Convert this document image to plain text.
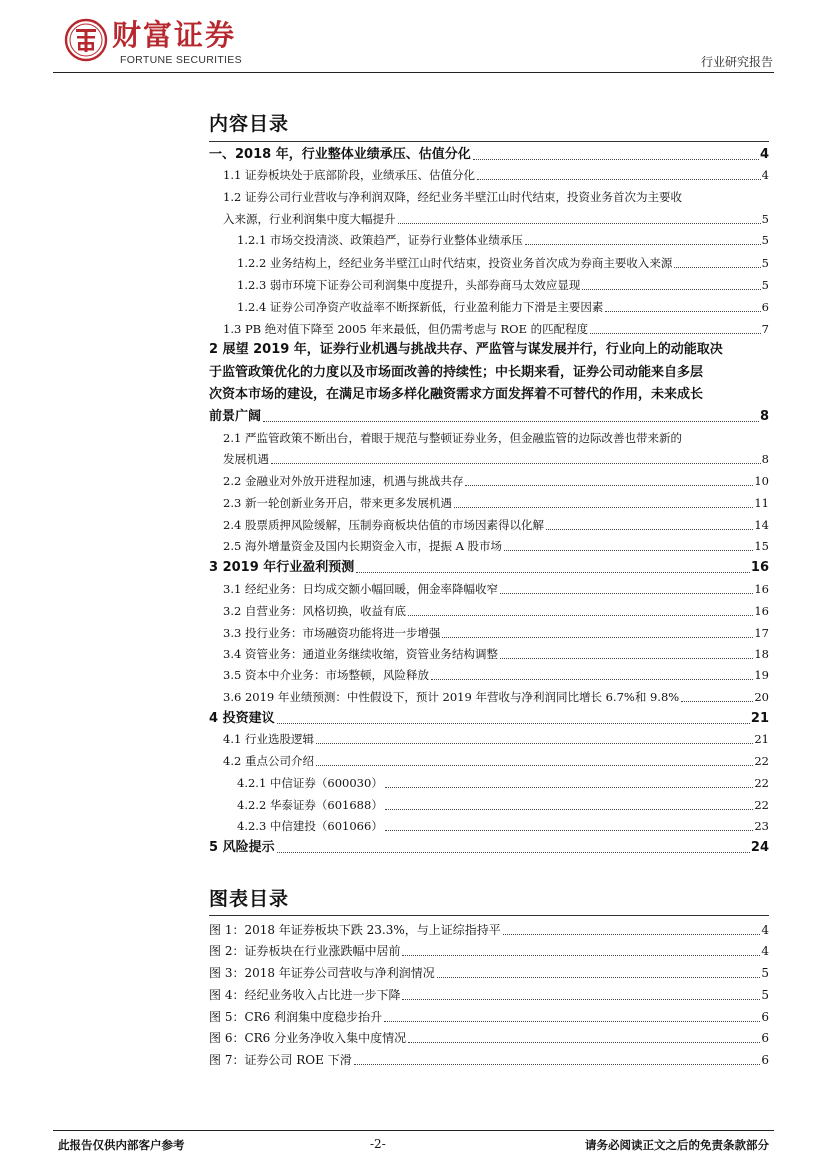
财富证券
FORTUNE SECURITIES	行业研究报告
内容目录
一、2018 年，行业整体业绩承压、估值分化	4
1.1 证券板块处于底部阶段，业绩承压、估值分化	4
1.2 证券公司行业营收与净利润双降，经纪业务半壁江山时代结束，投资业务首次为主要收
入来源，行业利润集中度大幅提升	5
1.2.1 市场交投清淡、政策趋严，证券行业整体业绩承压	5
1.2.2 业务结构上，经纪业务半壁江山时代结束，投资业务首次成为券商主要收入来源	5
1.2.3 弱市环境下证券公司利润集中度提升，头部券商马太效应显现	5
1.2.4 证券公司净资产收益率不断探新低，行业盈利能力下滑是主要因素	6
1.3 PB 绝对值下降至 2005 年来最低，但仍需考虑与 ROE 的匹配程度	7
2 展望 2019 年，证券行业机遇与挑战共存、严监管与谋发展并行，行业向上的动能取决
于监管政策优化的力度以及市场面改善的持续性；中长期来看，证券公司动能来自多层
次资本市场的建设，在满足市场多样化融资需求方面发挥着不可替代的作用，未来成长
前景广阔	8
2.1 严监管政策不断出台，着眼于规范与整顿证券业务，但金融监管的边际改善也带来新的
发展机遇	8
2.2 金融业对外放开进程加速，机遇与挑战共存	10
2.3 新一轮创新业务开启，带来更多发展机遇	11
2.4 股票质押风险缓解，压制券商板块估值的市场因素得以化解	14
2.5 海外增量资金及国内长期资金入市，提振 A 股市场	15
3 2019 年行业盈利预测	16
3.1 经纪业务：日均成交额小幅回暖，佣金率降幅收窄	16
3.2 自营业务：风格切换，收益有底	16
3.3 投行业务：市场融资功能将进一步增强	17
3.4 资管业务：通道业务继续收缩，资管业务结构调整	18
3.5 资本中介业务：市场整顿，风险释放	19
3.6 2019 年业绩预测：中性假设下，预计 2019 年营收与净利润同比增长 6.7%和 9.8%	20
4 投资建议	21
4.1 行业选股逻辑	21
4.2 重点公司介绍	22
4.2.1 中信证券（600030）	22
4.2.2 华泰证券（601688）	22
4.2.3 中信建投（601066）	23
5 风险提示	24
图表目录
图 1：2018 年证券板块下跌 23.3%，与上证综指持平	4
图 2：证券板块在行业涨跌幅中居前	4
图 3：2018 年证券公司营收与净利润情况	5
图 4：经纪业务收入占比进一步下降	5
图 5：CR6 利润集中度稳步抬升	6
图 6：CR6 分业务净收入集中度情况	6
图 7：证券公司 ROE 下滑	6
此报告仅供内部客户参考	-2-	请务必阅读正文之后的免责条款部分
